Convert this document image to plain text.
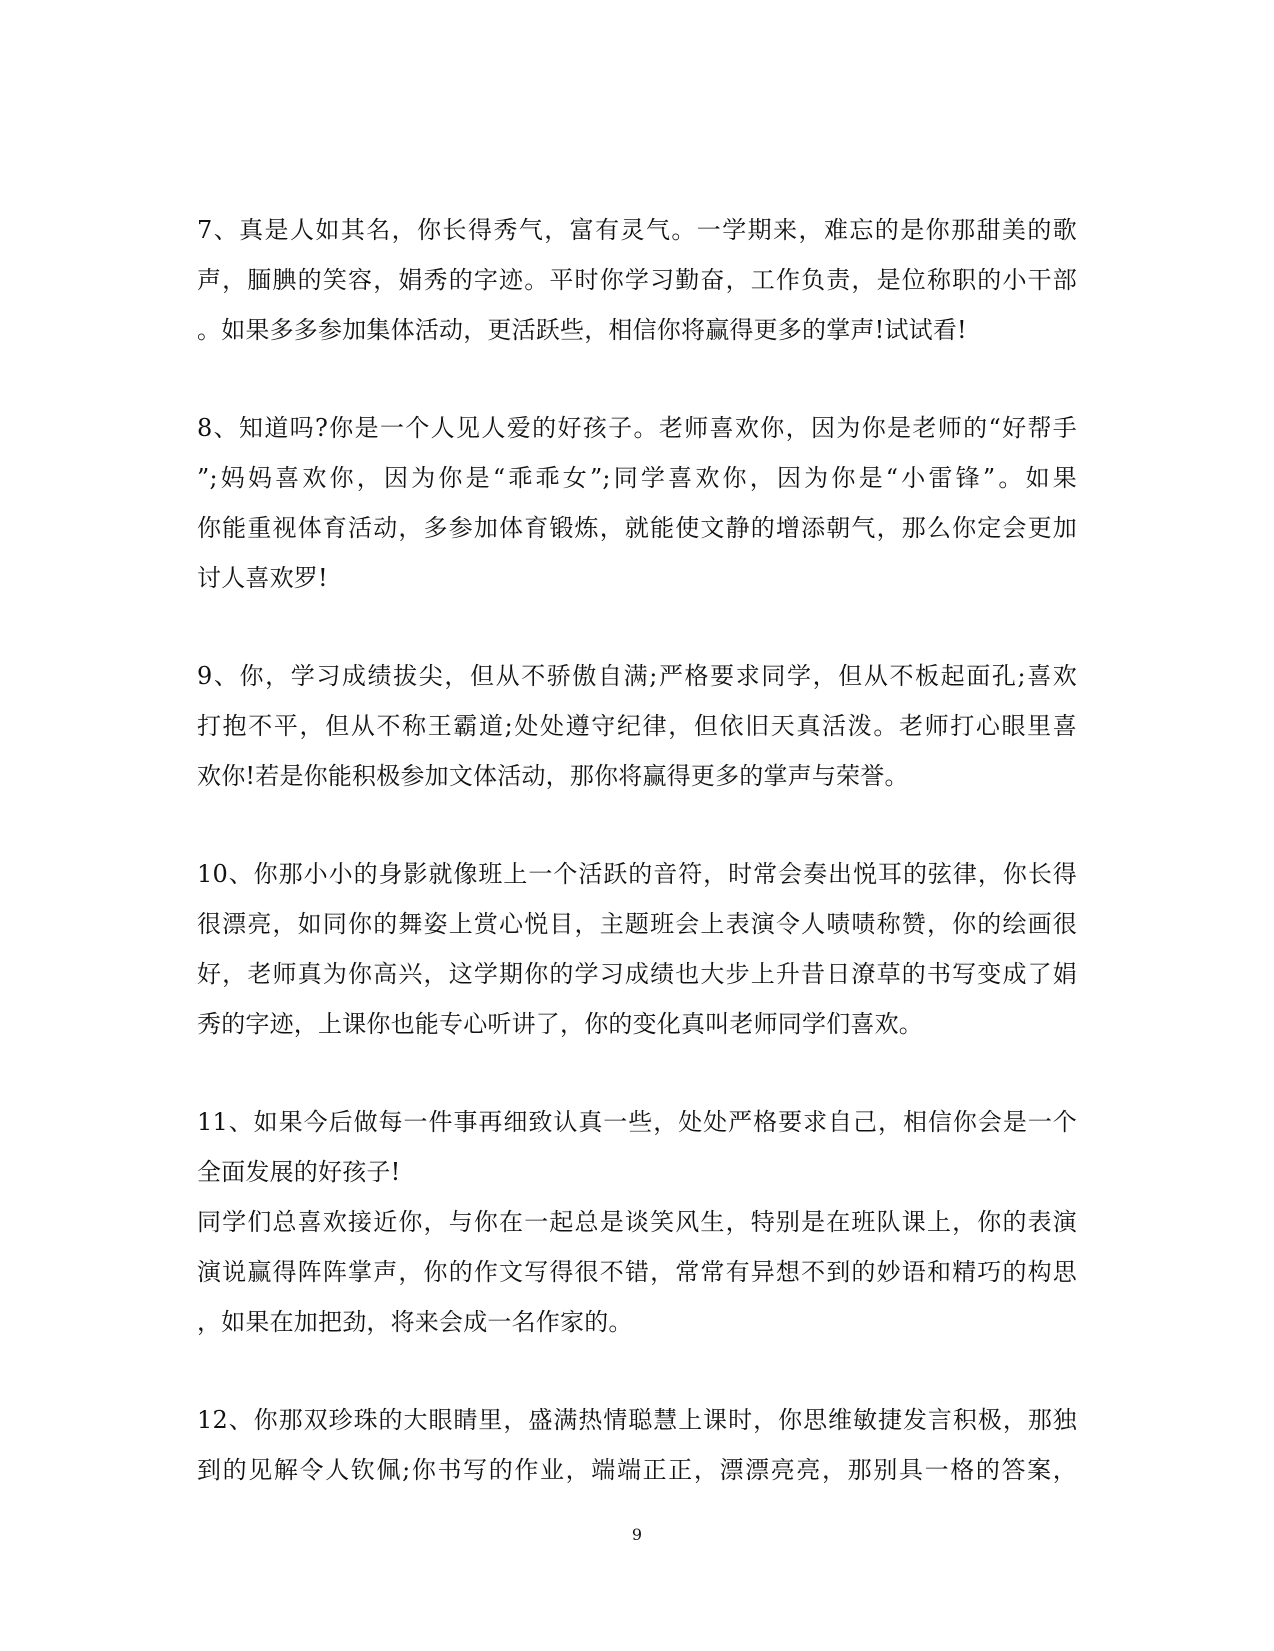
7、真是人如其名，你长得秀气，富有灵气。一学期来，难忘的是你那甜美的歌
声，腼腆的笑容，娟秀的字迹。平时你学习勤奋，工作负责，是位称职的小干部
。如果多多参加集体活动，更活跃些，相信你将赢得更多的掌声!试试看!
8、知道吗?你是一个人见人爱的好孩子。老师喜欢你，因为你是老师的“好帮手
”;妈妈喜欢你，因为你是“乖乖女”;同学喜欢你，因为你是“小雷锋”。如果
你能重视体育活动，多参加体育锻炼，就能使文静的增添朝气，那么你定会更加
讨人喜欢罗!
9、你，学习成绩拔尖，但从不骄傲自满;严格要求同学，但从不板起面孔;喜欢
打抱不平，但从不称王霸道;处处遵守纪律，但依旧天真活泼。老师打心眼里喜
欢你!若是你能积极参加文体活动，那你将赢得更多的掌声与荣誉。
10、你那小小的身影就像班上一个活跃的音符，时常会奏出悦耳的弦律，你长得
很漂亮，如同你的舞姿上赏心悦目，主题班会上表演令人啧啧称赞，你的绘画很
好，老师真为你高兴，这学期你的学习成绩也大步上升昔日潦草的书写变成了娟
秀的字迹，上课你也能专心听讲了，你的变化真叫老师同学们喜欢。
11、如果今后做每一件事再细致认真一些，处处严格要求自己，相信你会是一个
全面发展的好孩子!
同学们总喜欢接近你，与你在一起总是谈笑风生，特别是在班队课上，你的表演
演说赢得阵阵掌声，你的作文写得很不错，常常有异想不到的妙语和精巧的构思
，如果在加把劲，将来会成一名作家的。
12、你那双珍珠的大眼睛里，盛满热情聪慧上课时，你思维敏捷发言积极，那独
到的见解令人钦佩;你书写的作业，端端正正，漂漂亮亮，那别具一格的答案，
9
